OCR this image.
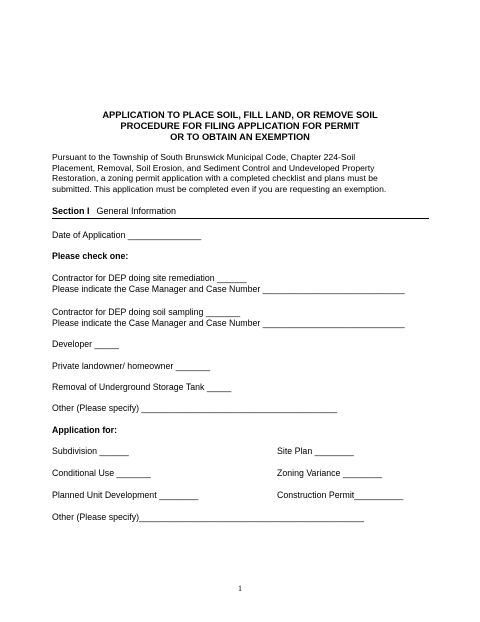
APPLICATION TO PLACE SOIL, FILL LAND, OR REMOVE SOIL
PROCEDURE FOR FILING APPLICATION FOR PERMIT
OR TO OBTAIN AN EXEMPTION
Pursuant to the Township of South Brunswick Municipal Code, Chapter 224-Soil
Placement, Removal, Soil Erosion, and Sediment Control and Undeveloped Property
Restoration, a zoning permit application with a completed checklist and plans must be
submitted. This application must be completed even if you are requesting an exemption.
Section I General Information
Date of Application _______________
Please check one:
Contractor for DEP doing site remediation ______
Please indicate the Case Manager and Case Number _____________________________
Contractor for DEP doing soil sampling _______
Please indicate the Case Manager and Case Number _____________________________
Developer _____
Private landowner/ homeowner _______
Removal of Underground Storage Tank _____
Other (Please specify) ________________________________________
Application for:
Subdivision ______	Site Plan ________
Conditional Use _______	Zoning Variance ________
Planned Unit Development ________	Construction Permit__________
Other (Please specify)______________________________________________
1
